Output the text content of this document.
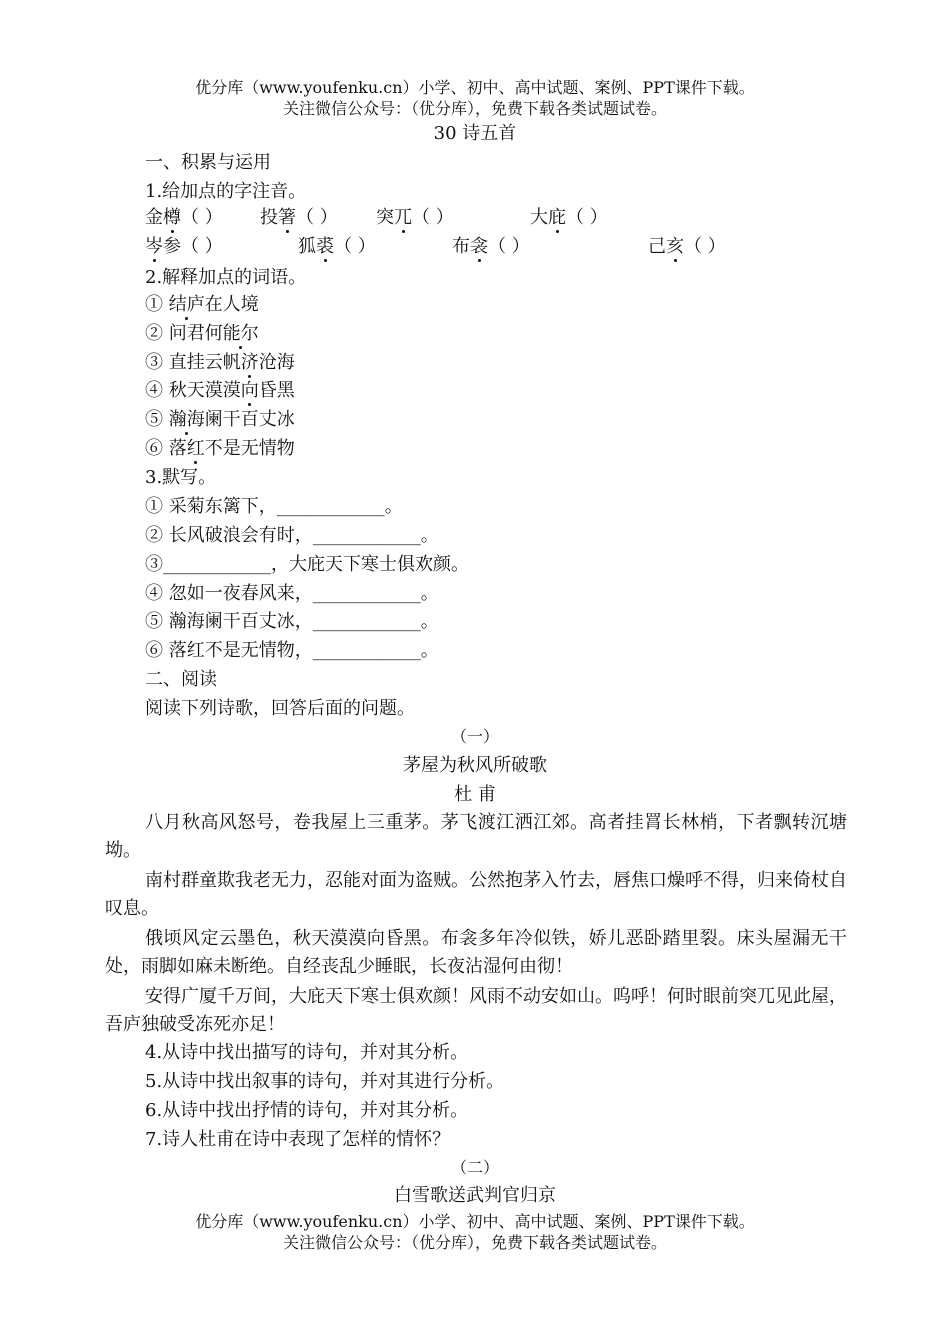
优分库（www.youfenku.cn）小学、初中、高中试题、案例、PPT课件下载。
关注微信公众号：（优分库），免费下载各类试题试卷。
30 诗五首
一、积累与运用
1.给加点的字注音。
金樽（ ） 投箸（ ） 突兀（ ）	大庇（ ）
岑参（ ）	狐裘（ ）	布衾（ ）	己亥（ ）
2.解释加点的词语。
① 结庐在人境
② 问君何能尔
③ 直挂云帆济沧海
④ 秋天漠漠向昏黑
⑤ 瀚海阑干百丈冰
⑥ 落红不是无情物
3.默写。
① 采菊东篱下，____________。
② 长风破浪会有时，____________。
③____________，大庇天下寒士俱欢颜。
④ 忽如一夜春风来，____________。
⑤ 瀚海阑干百丈冰，____________。
⑥ 落红不是无情物，____________。
二、阅读
阅读下列诗歌，回答后面的问题。
（一）
茅屋为秋风所破歌
杜 甫
八月秋高风怒号，卷我屋上三重茅。茅飞渡江洒江郊。高者挂罥长林梢，下者飘转沉塘坳。
南村群童欺我老无力，忍能对面为盗贼。公然抱茅入竹去，唇焦口燥呼不得，归来倚杖自叹息。
俄顷风定云墨色，秋天漠漠向昏黑。布衾多年冷似铁，娇儿恶卧踏里裂。床头屋漏无干处，雨脚如麻未断绝。自经丧乱少睡眠，长夜沾湿何由彻！
安得广厦千万间，大庇天下寒士俱欢颜！风雨不动安如山。呜呼！何时眼前突兀见此屋，吾庐独破受冻死亦足！
4.从诗中找出描写的诗句，并对其分析。
5.从诗中找出叙事的诗句，并对其进行分析。
6.从诗中找出抒情的诗句，并对其分析。
7.诗人杜甫在诗中表现了怎样的情怀？
（二）
白雪歌送武判官归京
优分库（www.youfenku.cn）小学、初中、高中试题、案例、PPT课件下载。
关注微信公众号：（优分库），免费下载各类试题试卷。
